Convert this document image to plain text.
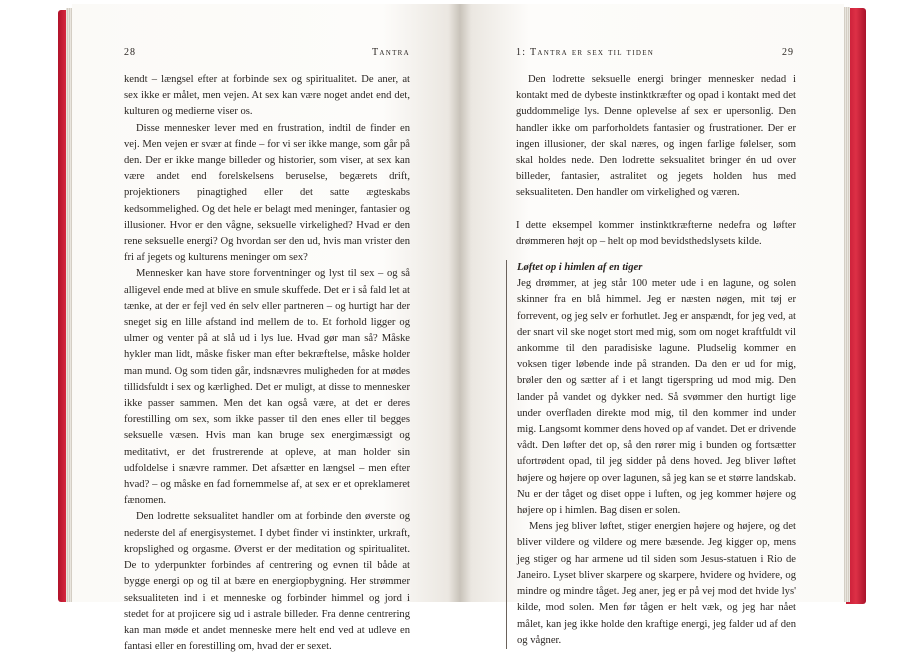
28	Tantra

kendt – længsel efter at forbinde sex og spiritualitet. De aner, at sex ikke er målet, men vejen. At sex kan være noget andet end det, kulturen og medierne viser os.

Disse mennesker lever med en frustration, indtil de finder en vej. Men vejen er svær at finde – for vi ser ikke mange, som går på den. Der er ikke mange billeder og historier, som viser, at sex kan være andet end forelskelsens beruselse, begærets drift, projektioners pinagtighed eller det satte ægteskabs kedsommelighed. Og det hele er belagt med meninger, fantasier og illusioner. Hvor er den vågne, seksuelle virkelighed? Hvad er den rene seksuelle energi? Og hvordan ser den ud, hvis man vrister den fri af jegets og kulturens meninger om sex?

Mennesker kan have store forventninger og lyst til sex – og så alligevel ende med at blive en smule skuffede. Det er i så fald let at tænke, at der er fejl ved én selv eller partneren – og hurtigt har der sneget sig en lille afstand ind mellem de to. Et forhold ligger og ulmer og venter på at slå ud i lys lue. Hvad gør man så? Måske hykler man lidt, måske fisker man efter bekræftelse, måske holder man mund. Og som tiden går, indsnævres muligheden for at mødes tillidsfuldt i sex og kærlighed. Det er muligt, at disse to mennesker ikke passer sammen. Men det kan også være, at det er deres forestilling om sex, som ikke passer til den enes eller til begges seksuelle væsen. Hvis man kan bruge sex energimæssigt og meditativt, er det frustrerende at opleve, at man holder sin udfoldelse i snævre rammer. Det afsætter en længsel – men efter hvad? – og måske en fad fornemmelse af, at sex er et opreklameret fænomen.

Den lodrette seksualitet handler om at forbinde den øverste og nederste del af energisystemet. I dybet finder vi instinkter, urkraft, kropslighed og orgasme. Øverst er der meditation og spiritualitet. De to yderpunkter forbindes af centrering og evnen til både at bygge energi op og til at bære en energiopbygning. Her strømmer seksualiteten ind i et menneske og forbinder himmel og jord i stedet for at projicere sig ud i astrale billeder. Fra denne centrering kan man møde et andet menneske mere helt end ved at udleve en fantasi eller en forestilling om, hvad der er sexet.

1: Tantra er sex til tiden	29

Den lodrette seksuelle energi bringer mennesker nedad i kontakt med de dybeste instinktkræfter og opad i kontakt med det guddommelige lys. Denne oplevelse af sex er upersonlig. Den handler ikke om parforholdets fantasier og frustrationer. Der er ingen illusioner, der skal næres, og ingen farlige følelser, som skal holdes nede. Den lodrette seksualitet bringer én ud over billeder, fantasier, astralitet og jegets holden hus med seksualiteten. Den handler om virkelighed og væren.

I dette eksempel kommer instinktkræfterne nedefra og løfter drømmeren højt op – helt op mod bevidsthedslysets kilde.

Løftet op i himlen af en tiger

Jeg drømmer, at jeg står 100 meter ude i en lagune, og solen skinner fra en blå himmel. Jeg er næsten nøgen, mit tøj er forrevent, og jeg selv er forhutlet. Jeg er anspændt, for jeg ved, at der snart vil ske noget stort med mig, som om noget kraftfuldt vil ankomme til den paradisiske lagune. Pludselig kommer en voksen tiger løbende inde på stranden. Da den er ud for mig, brøler den og sætter af i et langt tigerspring ud mod mig. Den lander på vandet og dykker ned. Så svømmer den hurtigt lige under overfladen direkte mod mig, til den kommer ind under mig. Langsomt kommer dens hoved op af vandet. Det er drivende vådt. Den løfter det op, så den rører mig i bunden og fortsætter ufortrødent opad, til jeg sidder på dens hoved. Jeg bliver løftet højere og højere op over lagunen, så jeg kan se et større landskab. Nu er der tåget og diset oppe i luften, og jeg kommer højere og højere op i himlen. Bag disen er solen.

Mens jeg bliver løftet, stiger energien højere og højere, og det bliver vildere og vildere og mere bæsende. Jeg kigger op, mens jeg stiger og har armene ud til siden som Jesus-statuen i Rio de Janeiro. Lyset bliver skarpere og skarpere, hvidere og hvidere, og mindre og mindre tåget. Jeg aner, jeg er på vej mod det hvide lys' kilde, mod solen. Men før tågen er helt væk, og jeg har nået målet, kan jeg ikke holde den kraftige energi, jeg falder ud af den og vågner.
